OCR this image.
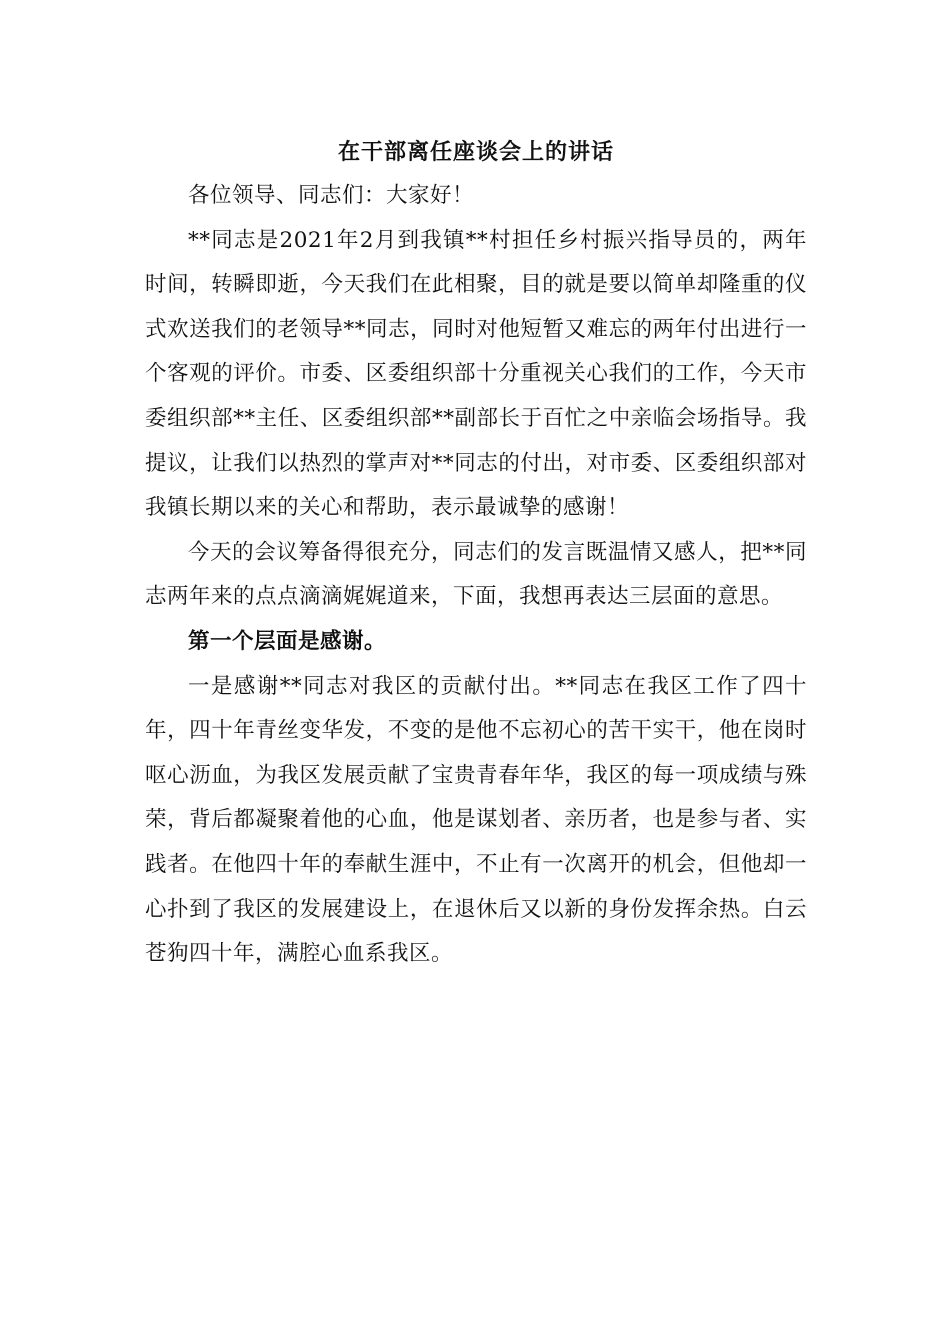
在干部离任座谈会上的讲话

各位领导、同志们：大家好！

**同志是2021年2月到我镇**村担任乡村振兴指导员的，两年时间，转瞬即逝，今天我们在此相聚，目的就是要以简单却隆重的仪式欢送我们的老领导**同志，同时对他短暂又难忘的两年付出进行一个客观的评价。市委、区委组织部十分重视关心我们的工作，今天市委组织部**主任、区委组织部**副部长于百忙之中亲临会场指导。我提议，让我们以热烈的掌声对**同志的付出，对市委、区委组织部对我镇长期以来的关心和帮助，表示最诚挚的感谢！

今天的会议筹备得很充分，同志们的发言既温情又感人，把**同志两年来的点点滴滴娓娓道来，下面，我想再表达三层面的意思。

第一个层面是感谢。

一是感谢**同志对我区的贡献付出。**同志在我区工作了四十年，四十年青丝变华发，不变的是他不忘初心的苦干实干，他在岗时呕心沥血，为我区发展贡献了宝贵青春年华，我区的每一项成绩与殊荣，背后都凝聚着他的心血，他是谋划者、亲历者，也是参与者、实践者。在他四十年的奉献生涯中，不止有一次离开的机会，但他却一心扑到了我区的发展建设上，在退休后又以新的身份发挥余热。白云苍狗四十年，满腔心血系我区。
